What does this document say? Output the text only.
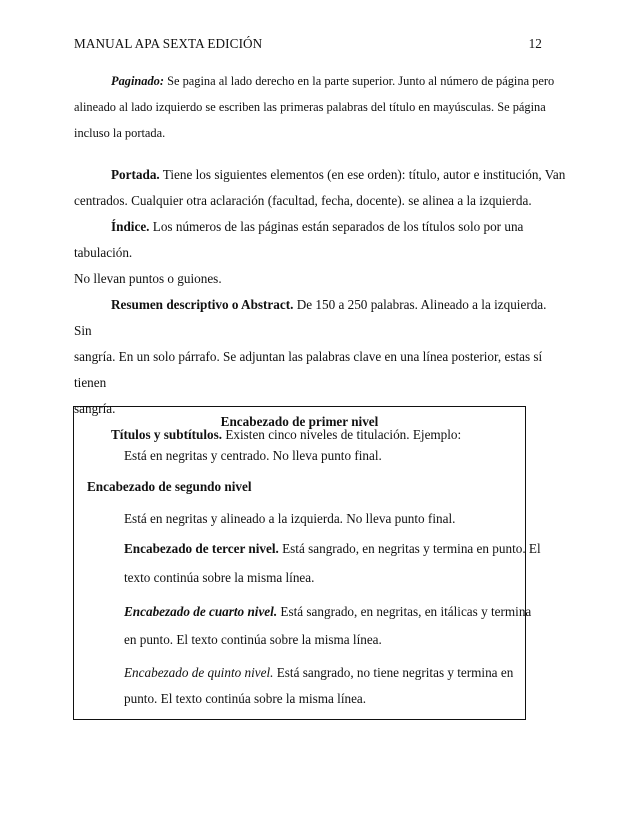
MANUAL APA SEXTA EDICIÓN	12

Paginado: Se pagina al lado derecho en la parte superior. Junto al número de página pero
alineado al lado izquierdo se escriben las primeras palabras del título en mayúsculas. Se página
incluso la portada.

Portada. Tiene los siguientes elementos (en ese orden): título, autor e institución, Van
centrados. Cualquier otra aclaración (facultad, fecha, docente). se alinea a la izquierda.

Índice. Los números de las páginas están separados de los títulos solo por una tabulación.
No llevan puntos o guiones.

Resumen descriptivo o Abstract. De 150 a 250 palabras. Alineado a la izquierda. Sin
sangría. En un solo párrafo. Se adjuntan las palabras clave en una línea posterior, estas sí tienen
sangría.

Títulos y subtítulos. Existen cinco niveles de titulación. Ejemplo:

Encabezado de primer nivel
Está en negritas y centrado. No lleva punto final.
Encabezado de segundo nivel
Está en negritas y alineado a la izquierda. No lleva punto final.
Encabezado de tercer nivel. Está sangrado, en negritas y termina en punto. El
texto continúa sobre la misma línea.
Encabezado de cuarto nivel. Está sangrado, en negritas, en itálicas y termina
en punto. El texto continúa sobre la misma línea.
Encabezado de quinto nivel. Está sangrado, no tiene negritas y termina en
punto. El texto continúa sobre la misma línea.
